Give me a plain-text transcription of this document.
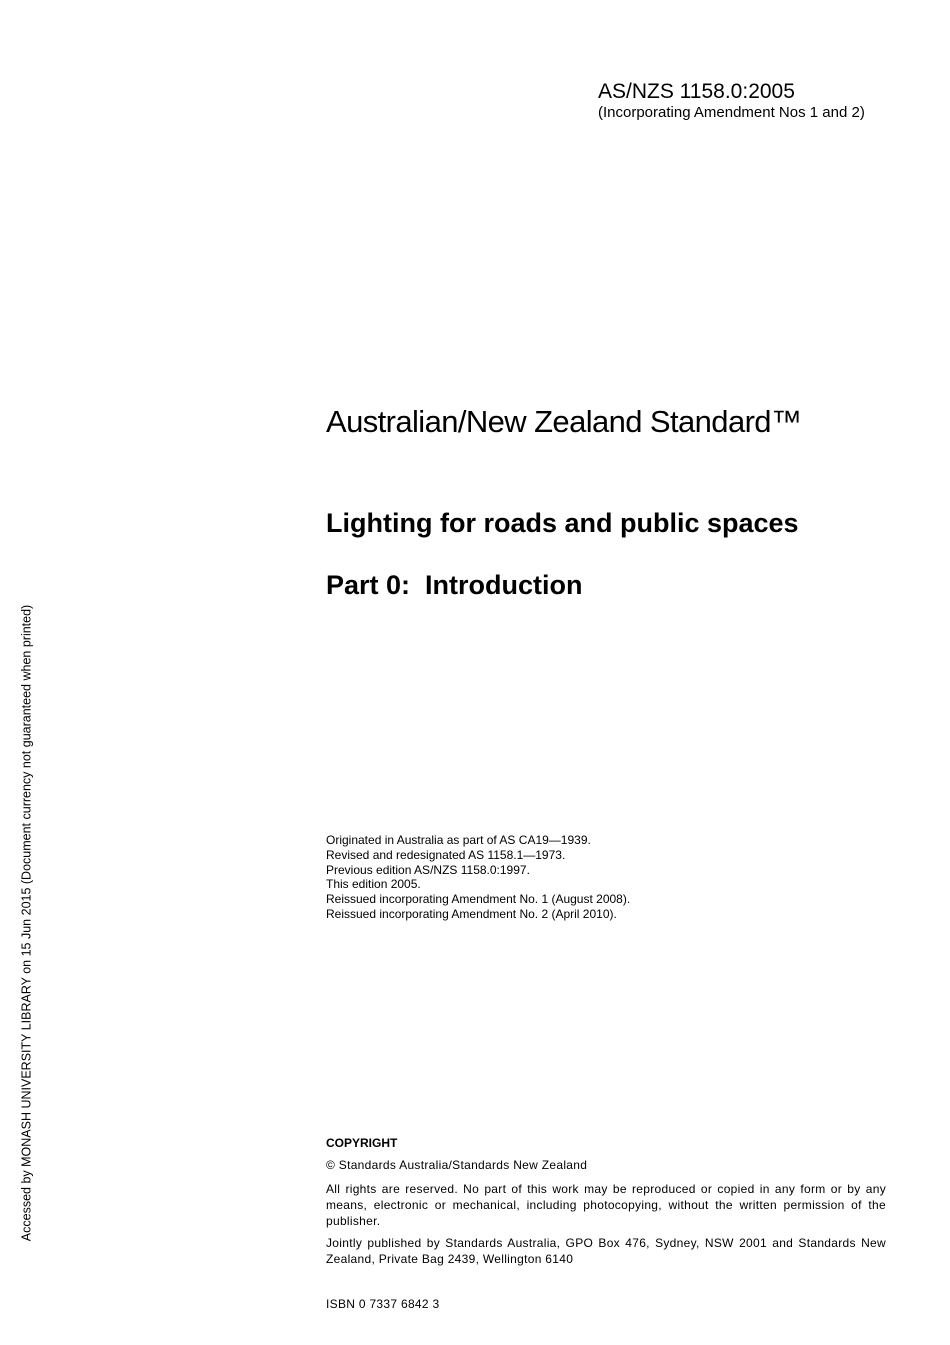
AS/NZS 1158.0:2005
(Incorporating Amendment Nos 1 and 2)
Australian/New Zealand Standard™
Lighting for roads and public spaces
Part 0:  Introduction
Originated in Australia as part of AS CA19—1939.
Revised and redesignated AS 1158.1—1973.
Previous edition AS/NZS 1158.0:1997.
This edition 2005.
Reissued incorporating Amendment No. 1 (August 2008).
Reissued incorporating Amendment No. 2 (April 2010).
COPYRIGHT
© Standards Australia/Standards New Zealand

All rights are reserved. No part of this work may be reproduced or copied in any form or by any means, electronic or mechanical, including photocopying, without the written permission of the publisher.

Jointly published by Standards Australia, GPO Box 476, Sydney, NSW 2001 and Standards New Zealand, Private Bag 2439, Wellington 6140

ISBN 0 7337 6842 3
Accessed by MONASH UNIVERSITY LIBRARY on 15 Jun 2015 (Document currency not guaranteed when printed)
